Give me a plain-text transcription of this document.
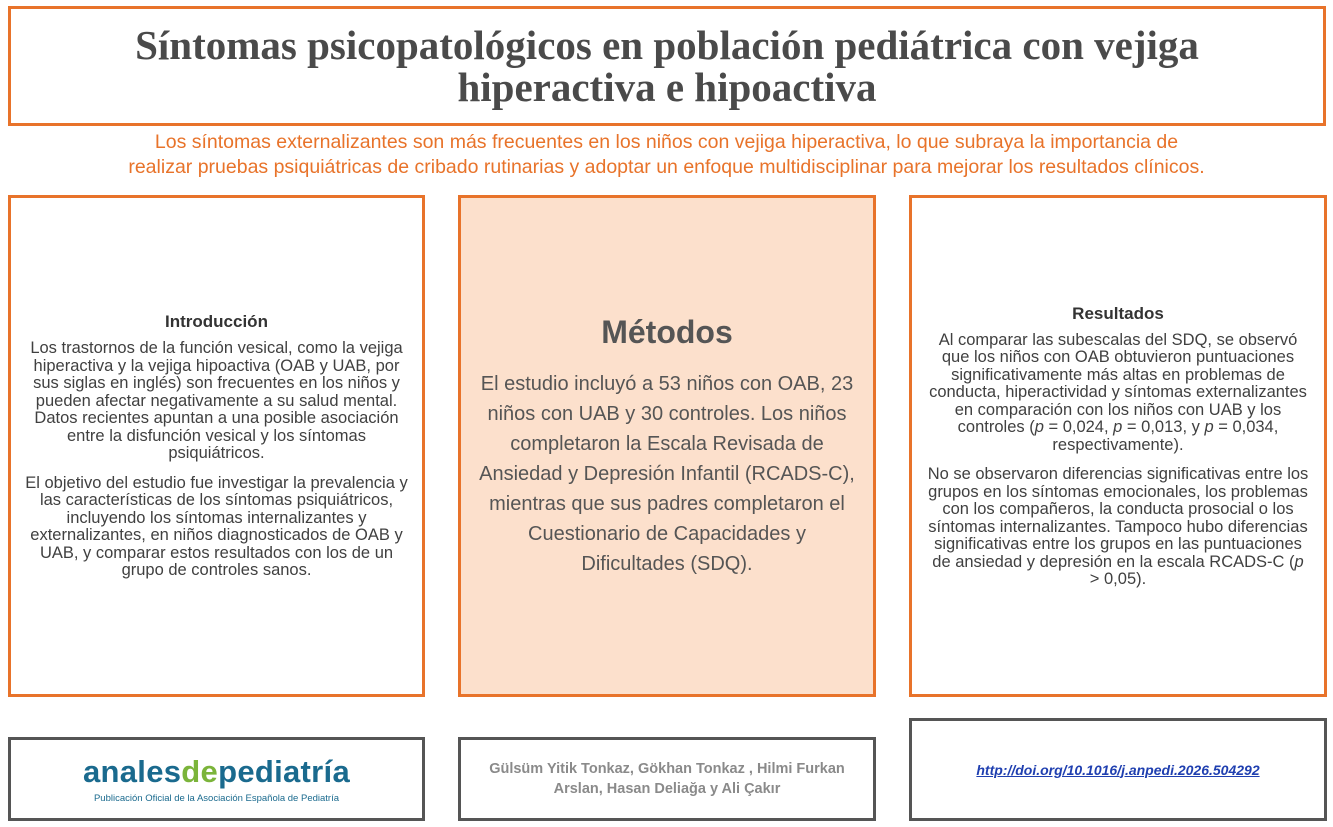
Síntomas psicopatológicos en población pediátrica con vejiga hiperactiva e hipoactiva
Los síntomas externalizantes son más frecuentes en los niños con vejiga hiperactiva, lo que subraya la importancia de
realizar pruebas psiquiátricas de cribado rutinarias y adoptar un enfoque multidisciplinar para mejorar los resultados clínicos.
Introducción

Los trastornos de la función vesical, como la vejiga hiperactiva y la vejiga hipoactiva (OAB y UAB, por sus siglas en inglés) son frecuentes en los niños y pueden afectar negativamente a su salud mental. Datos recientes apuntan a una posible asociación entre la disfunción vesical y los síntomas psiquiátricos.

El objetivo del estudio fue investigar la prevalencia y las características de los síntomas psiquiátricos, incluyendo los síntomas internalizantes y externalizantes, en niños diagnosticados de OAB y UAB, y comparar estos resultados con los de un grupo de controles sanos.

Métodos

El estudio incluyó a 53 niños con OAB, 23 niños con UAB y 30 controles. Los niños completaron la Escala Revisada de Ansiedad y Depresión Infantil (RCADS-C), mientras que sus padres completaron el Cuestionario de Capacidades y Dificultades (SDQ).

Resultados

Al comparar las subescalas del SDQ, se observó que los niños con OAB obtuvieron puntuaciones significativamente más altas en problemas de conducta, hiperactividad y síntomas externalizantes en comparación con los niños con UAB y los controles (p = 0,024, p = 0,013, y p = 0,034, respectivamente).

No se observaron diferencias significativas entre los grupos en los síntomas emocionales, los problemas con los compañeros, la conducta prosocial o los síntomas internalizantes. Tampoco hubo diferencias significativas entre los grupos en las puntuaciones de ansiedad y depresión en la escala RCADS-C (p > 0,05).

analesdepediatría
Publicación Oficial de la Asociación Española de Pediatría
Gülsüm Yitik Tonkaz, Gökhan Tonkaz , Hilmi Furkan Arslan, Hasan Deliağa y Ali Çakır
http://doi.org/10.1016/j.anpedi.2026.504292
